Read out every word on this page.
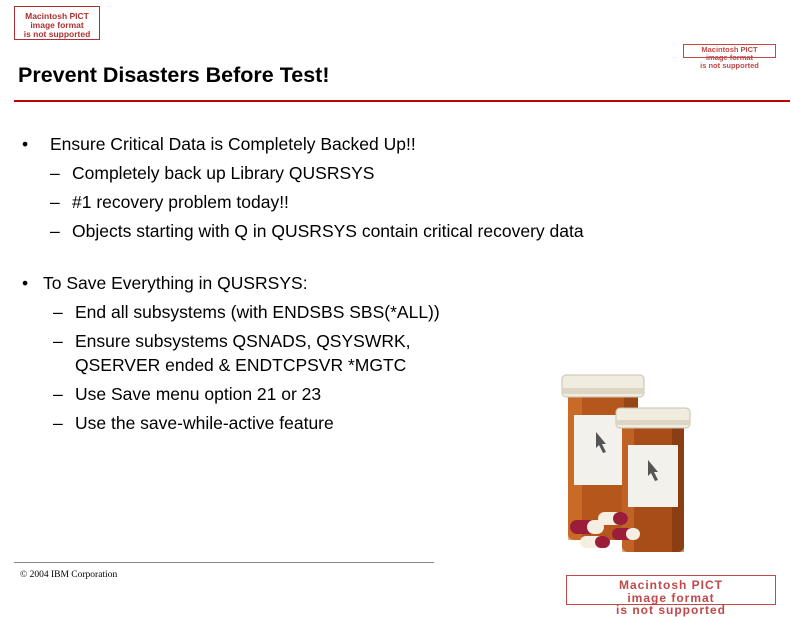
Macintosh PICT
image format
is not supported
Macintosh PICT
image format
is not supported
Prevent Disasters Before Test!
• Ensure Critical Data is Completely Backed Up!!
– Completely back up Library QUSRSYS
– #1 recovery problem today!!
– Objects starting with Q in QUSRSYS contain critical recovery data
• To Save Everything in QUSRSYS:
– End all subsystems (with ENDSBS SBS(*ALL))
– Ensure subsystems QSNADS, QSYSWRK,
QSERVER ended & ENDTCPSVR *MGTC
– Use Save menu option 21 or 23
– Use the save-while-active feature
© 2004 IBM Corporation
Macintosh PICT
image format
is not supported
